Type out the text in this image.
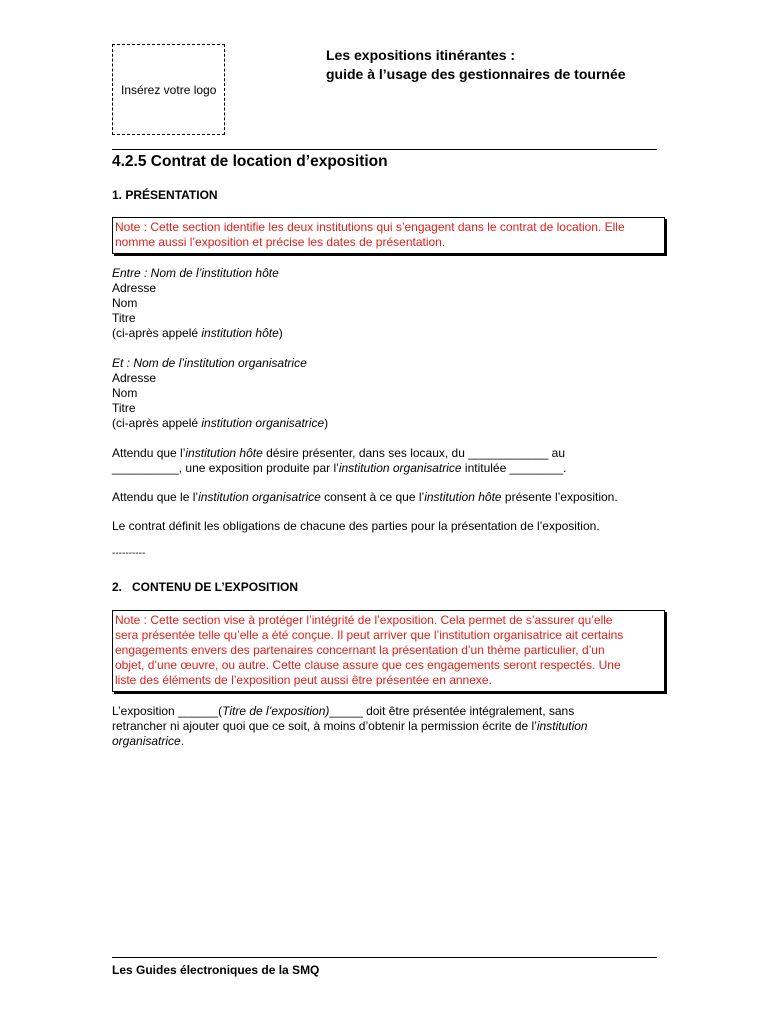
Insérez votre logo
Les expositions itinérantes :
guide à l’usage des gestionnaires de tournée
4.2.5 Contrat de location d’exposition
1. PRÉSENTATION
Note : Cette section identifie les deux institutions qui s’engagent dans le contrat de location. Elle
nomme aussi l’exposition et précise les dates de présentation.
Entre : Nom de l’institution hôte
Adresse
Nom
Titre
(ci-après appelé institution hôte)
Et : Nom de l’institution organisatrice
Adresse
Nom
Titre
(ci-après appelé institution organisatrice)
Attendu que l’institution hôte désire présenter, dans ses locaux, du ____________ au
__________, une exposition produite par l’institution organisatrice intitulée ________.
Attendu que le l’institution organisatrice consent à ce que l’institution hôte présente l’exposition.
Le contrat définit les obligations de chacune des parties pour la présentation de l’exposition.
----------
2.   CONTENU DE L’EXPOSITION
Note : Cette section vise à protéger l’intégrité de l’exposition. Cela permet de s’assurer qu’elle
sera présentée telle qu’elle a été conçue. Il peut arriver que l’institution organisatrice ait certains
engagements envers des partenaires concernant la présentation d’un thème particulier, d’un
objet, d’une œuvre, ou autre. Cette clause assure que ces engagements seront respectés. Une
liste des éléments de l’exposition peut aussi être présentée en annexe.
L’exposition ______(Titre de l’exposition)_____ doit être présentée intégralement, sans
retrancher ni ajouter quoi que ce soit, à moins d’obtenir la permission écrite de l’institution
organisatrice.
Les Guides électroniques de la SMQ
